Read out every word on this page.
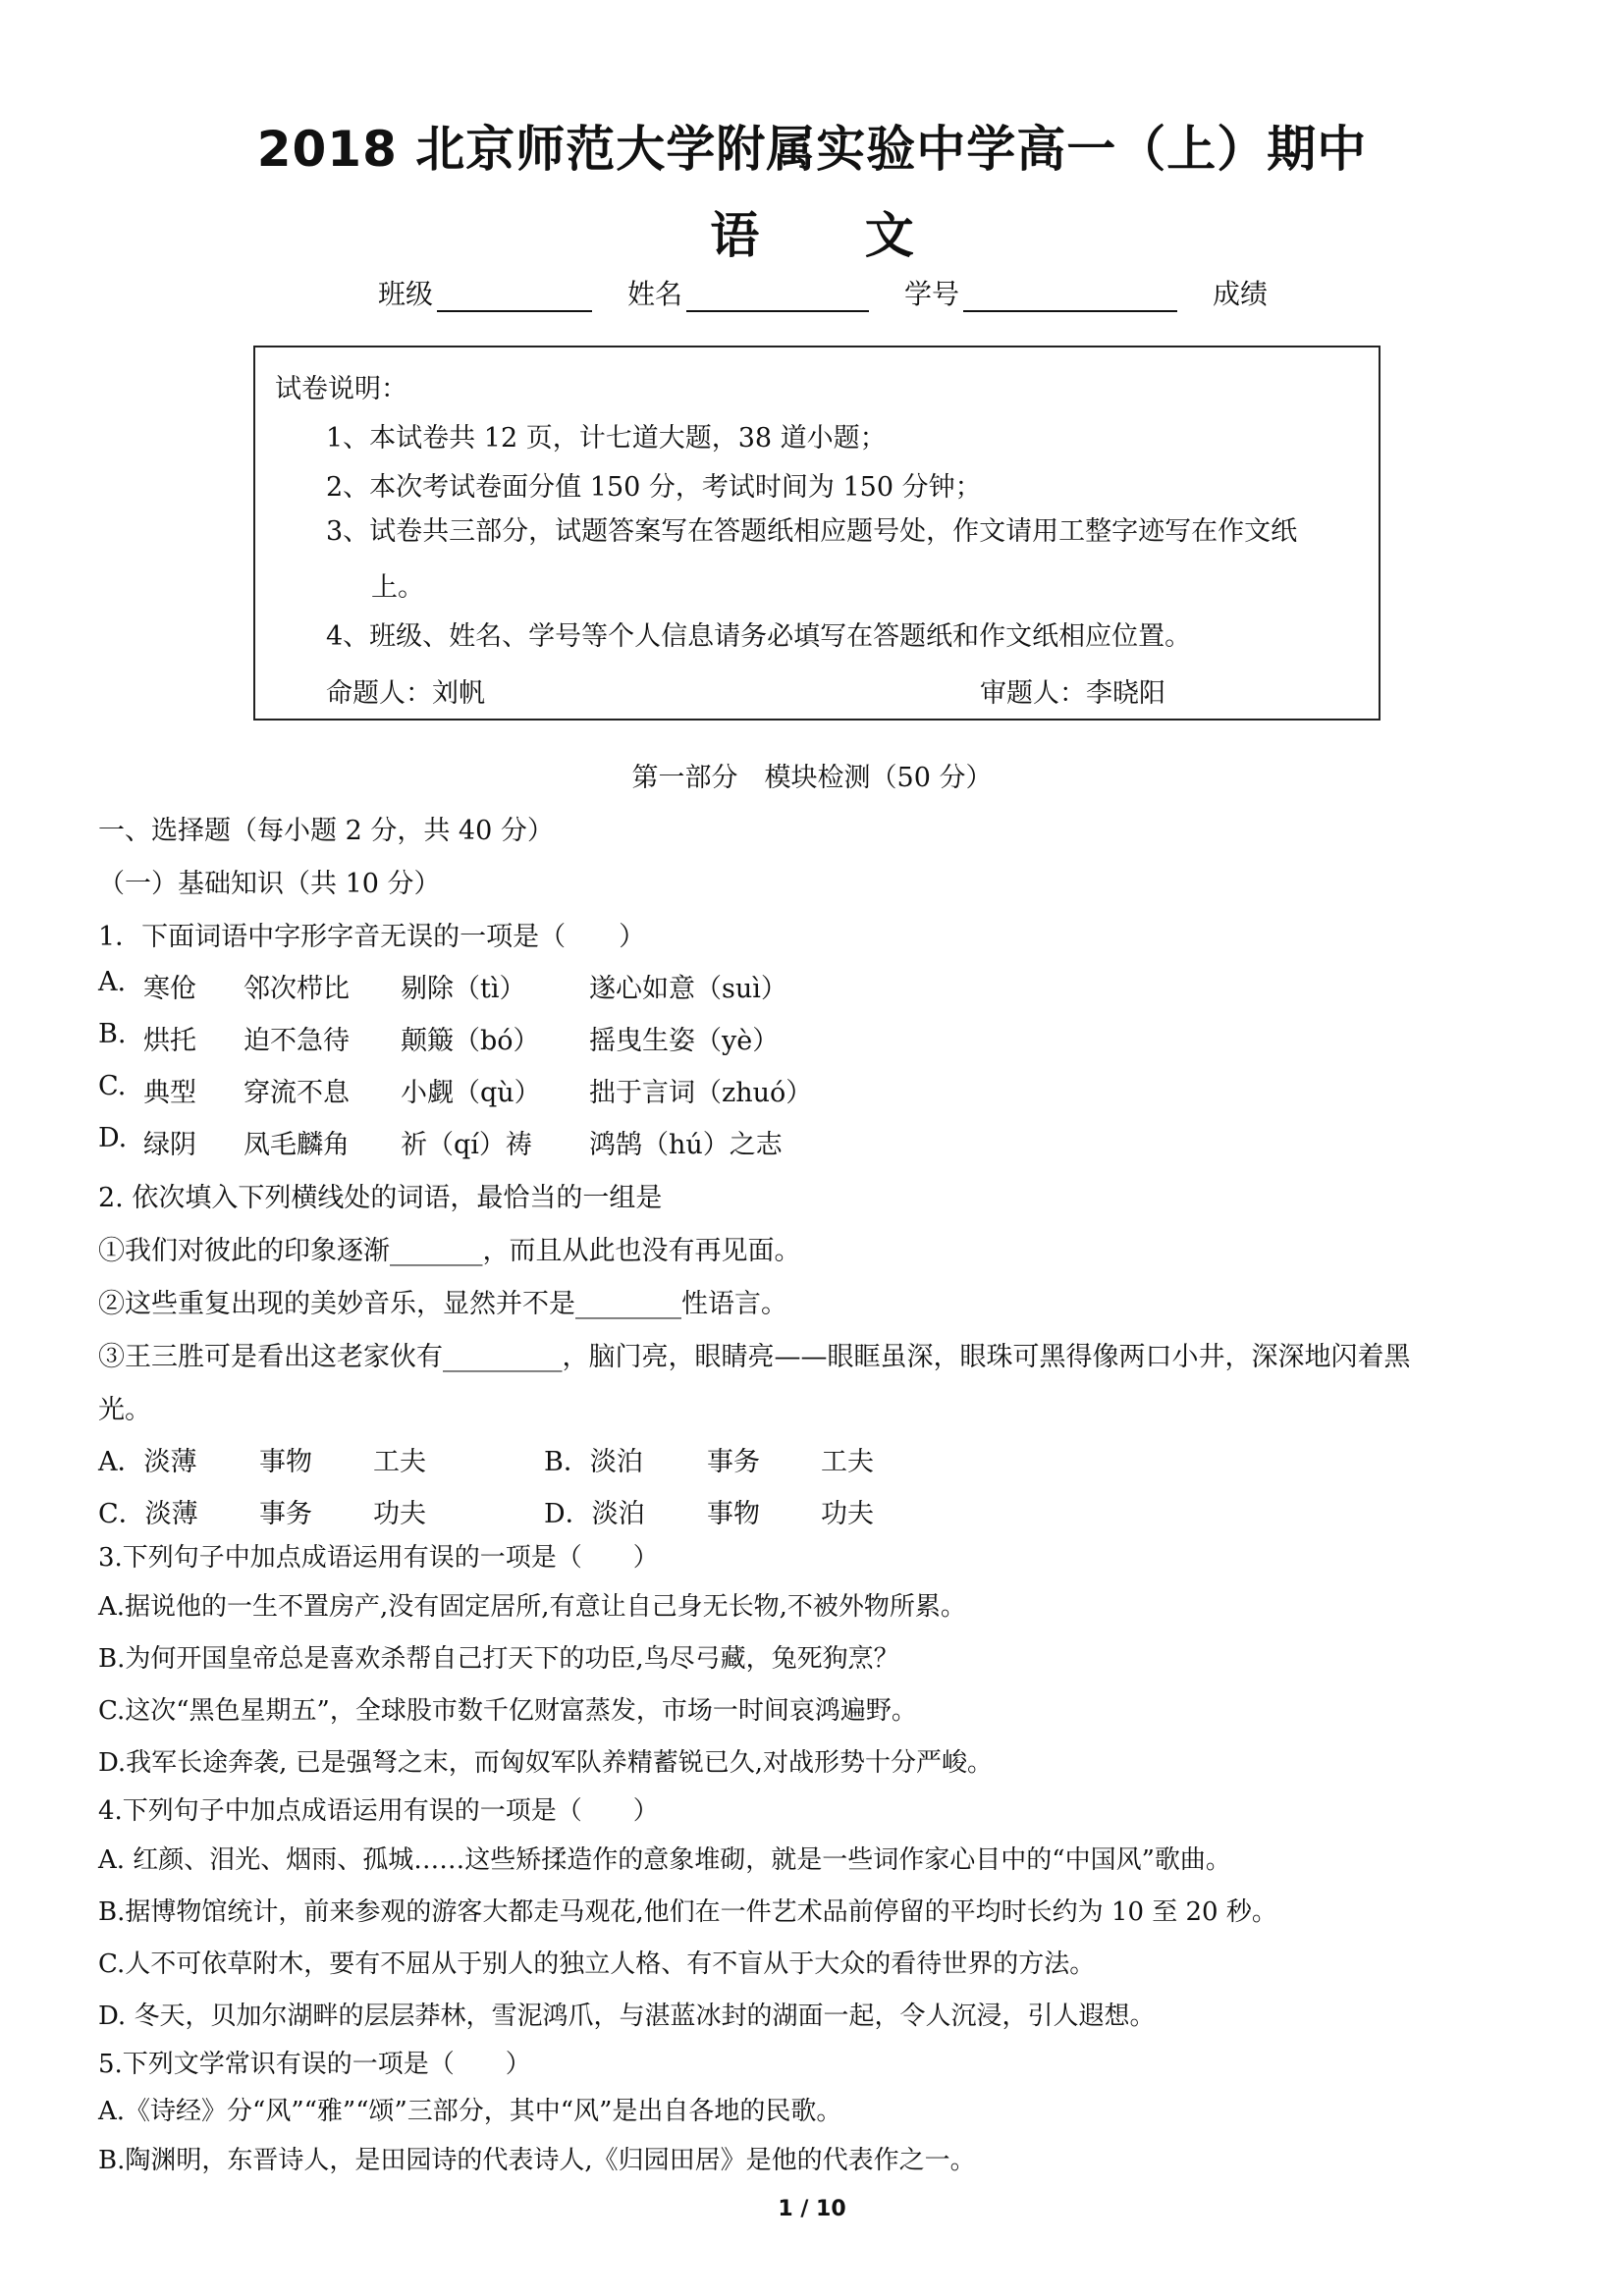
2018 北京师范大学附属实验中学高一（上）期中
语 文
班级	姓名	学号	成绩
试卷说明：
1、本试卷共 12 页，计七道大题，38 道小题；
2、本次考试卷面分值 150 分，考试时间为 150 分钟；
3、试卷共三部分，试题答案写在答题纸相应题号处，作文请用工整字迹写在作文纸
上。
4、班级、姓名、学号等个人信息请务必填写在答题纸和作文纸相应位置。
命题人：刘帆	审题人：李晓阳
第一部分　模块检测（50 分）
一、选择题（每小题 2 分，共 40 分）
（一）基础知识（共 10 分）
1．下面词语中字形字音无误的一项是（　　）
A. 寒伧 邻次栉比 剔除（tì） 遂心如意（suì）
B. 烘托 迫不急待 颠簸（bó） 摇曳生姿（yè）
C. 典型 穿流不息 小觑（qù） 拙于言词（zhuó）
D. 绿阴 凤毛麟角 祈（qí）祷 鸿鹄（hú）之志
2. 依次填入下列横线处的词语，最恰当的一组是
①我们对彼此的印象逐渐_______，而且从此也没有再见面。
②这些重复出现的美妙音乐，显然并不是________性语言。
③王三胜可是看出这老家伙有_________，脑门亮，眼睛亮——眼眶虽深，眼珠可黑得像两口小井，深深地闪着黑
光。
A．淡薄 事物 工夫	B．淡泊 事务 工夫
C．淡薄 事务 功夫	D．淡泊 事物 功夫
3.下列句子中加点成语运用有误的一项是（　　）
A.据说他的一生不置房产,没有固定居所,有意让自己身无长物,不被外物所累。
B.为何开国皇帝总是喜欢杀帮自己打天下的功臣,鸟尽弓藏，兔死狗烹？
C.这次“黑色星期五”，全球股市数千亿财富蒸发，市场一时间哀鸿遍野。
D.我军长途奔袭, 已是强弩之末，而匈奴军队养精蓄锐已久,对战形势十分严峻。
4.下列句子中加点成语运用有误的一项是（　　）
A. 红颜、泪光、烟雨、孤城……这些矫揉造作的意象堆砌，就是一些词作家心目中的“中国风”歌曲。
B.据博物馆统计，前来参观的游客大都走马观花,他们在一件艺术品前停留的平均时长约为 10 至 20 秒。
C.人不可依草附木，要有不屈从于别人的独立人格、有不盲从于大众的看待世界的方法。
D. 冬天，贝加尔湖畔的层层莽林，雪泥鸿爪，与湛蓝冰封的湖面一起，令人沉浸，引人遐想。
5.下列文学常识有误的一项是（　　）
A.《诗经》分“风”“雅”“颂”三部分，其中“风”是出自各地的民歌。
B.陶渊明，东晋诗人，是田园诗的代表诗人,《归园田居》是他的代表作之一。
1 / 10
